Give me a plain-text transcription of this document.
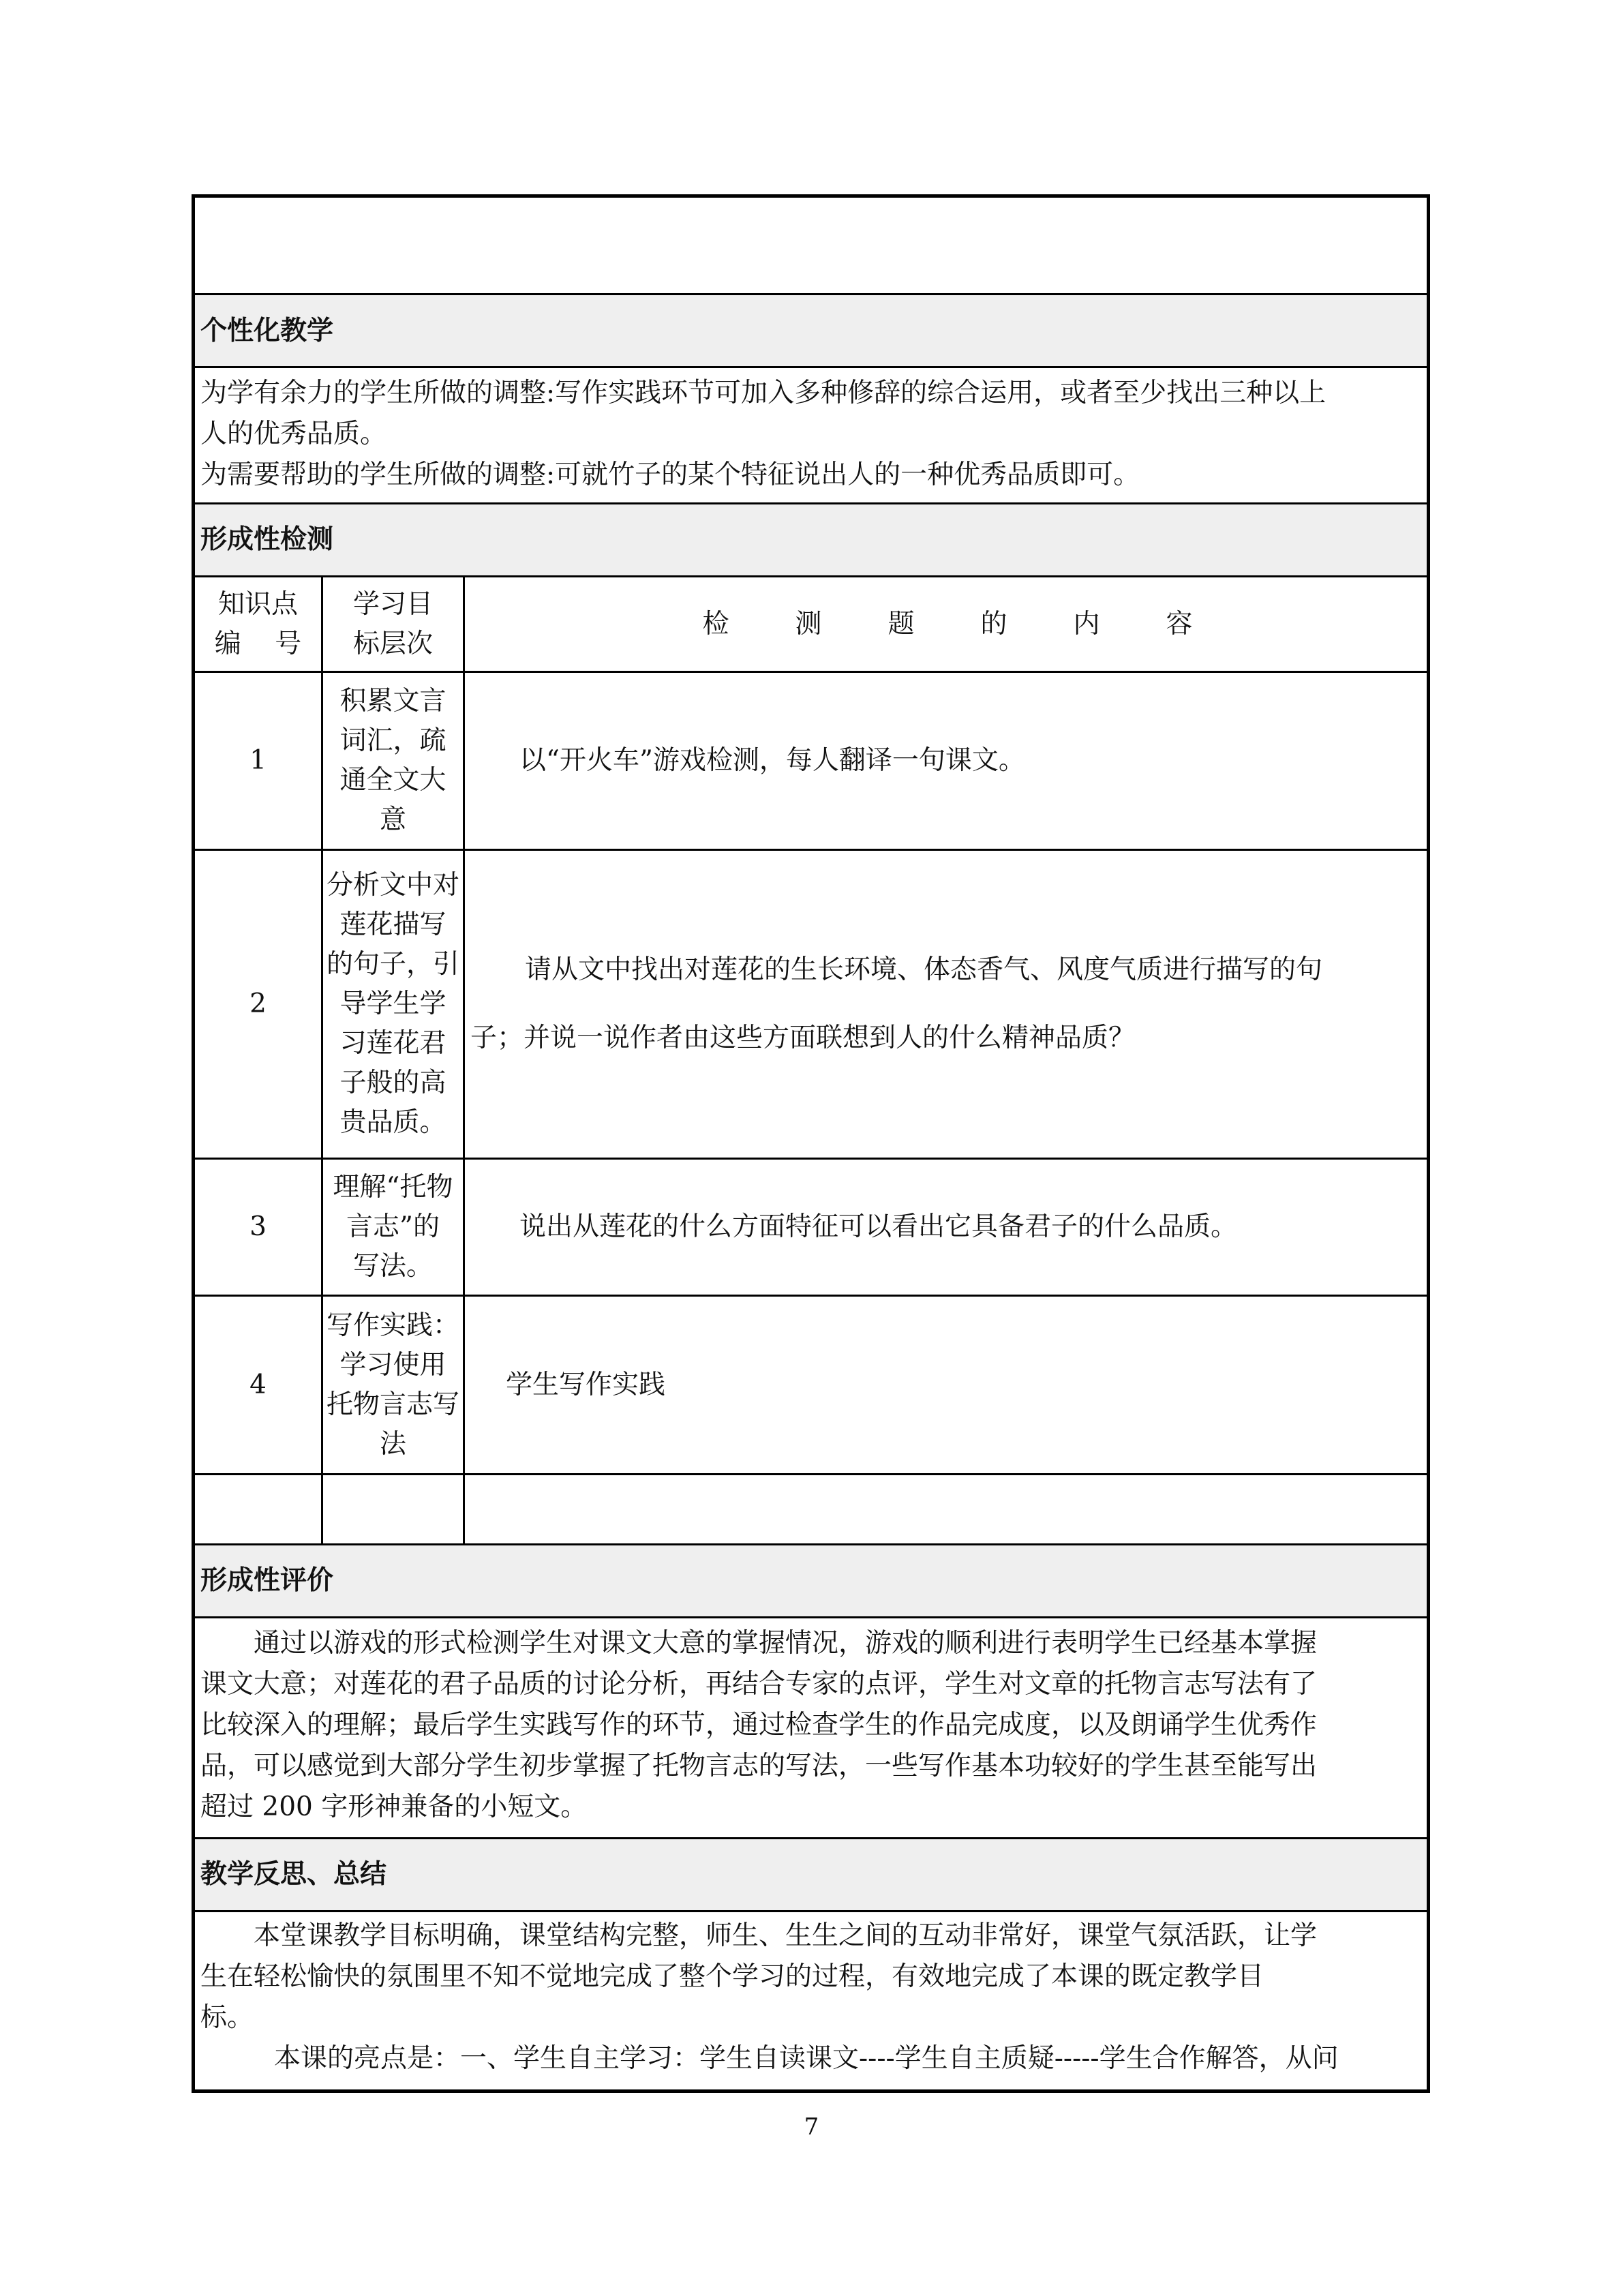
个性化教学

为学有余力的学生所做的调整:写作实践环节可加入多种修辞的综合运用，或者至少找出三种以上

人的优秀品质。

为需要帮助的学生所做的调整:可就竹子的某个特征说出人的一种优秀品质即可。

形成性检测
知识点
编    号
学习目
标层次
检 测 题 的 内 容
1
积累文言
词汇，疏
通全文大
意
以“开火车”游戏检测，每人翻译一句课文。
2
分析文中对
莲花描写
的句子，引
导学生学
习莲花君
子般的高
贵品质。
请从文中找出对莲花的生长环境、体态香气、风度气质进行描写的句
子；并说一说作者由这些方面联想到人的什么精神品质？
3
理解“托物
言志”的
写法。
说出从莲花的什么方面特征可以看出它具备君子的什么品质。
4
写作实践：
学习使用
托物言志写
法
学生写作实践
形成性评价

通过以游戏的形式检测学生对课文大意的掌握情况，游戏的顺利进行表明学生已经基本掌握

课文大意；对莲花的君子品质的讨论分析，再结合专家的点评，学生对文章的托物言志写法有了

比较深入的理解；最后学生实践写作的环节，通过检查学生的作品完成度，以及朗诵学生优秀作

品，可以感觉到大部分学生初步掌握了托物言志的写法，一些写作基本功较好的学生甚至能写出

超过 200 字形神兼备的小短文。

教学反思、总结

本堂课教学目标明确，课堂结构完整，师生、生生之间的互动非常好，课堂气氛活跃，让学

生在轻松愉快的氛围里不知不觉地完成了整个学习的过程，有效地完成了本课的既定教学目

标。

本课的亮点是：一、学生自主学习：学生自读课文----学生自主质疑-----学生合作解答，从问

7
